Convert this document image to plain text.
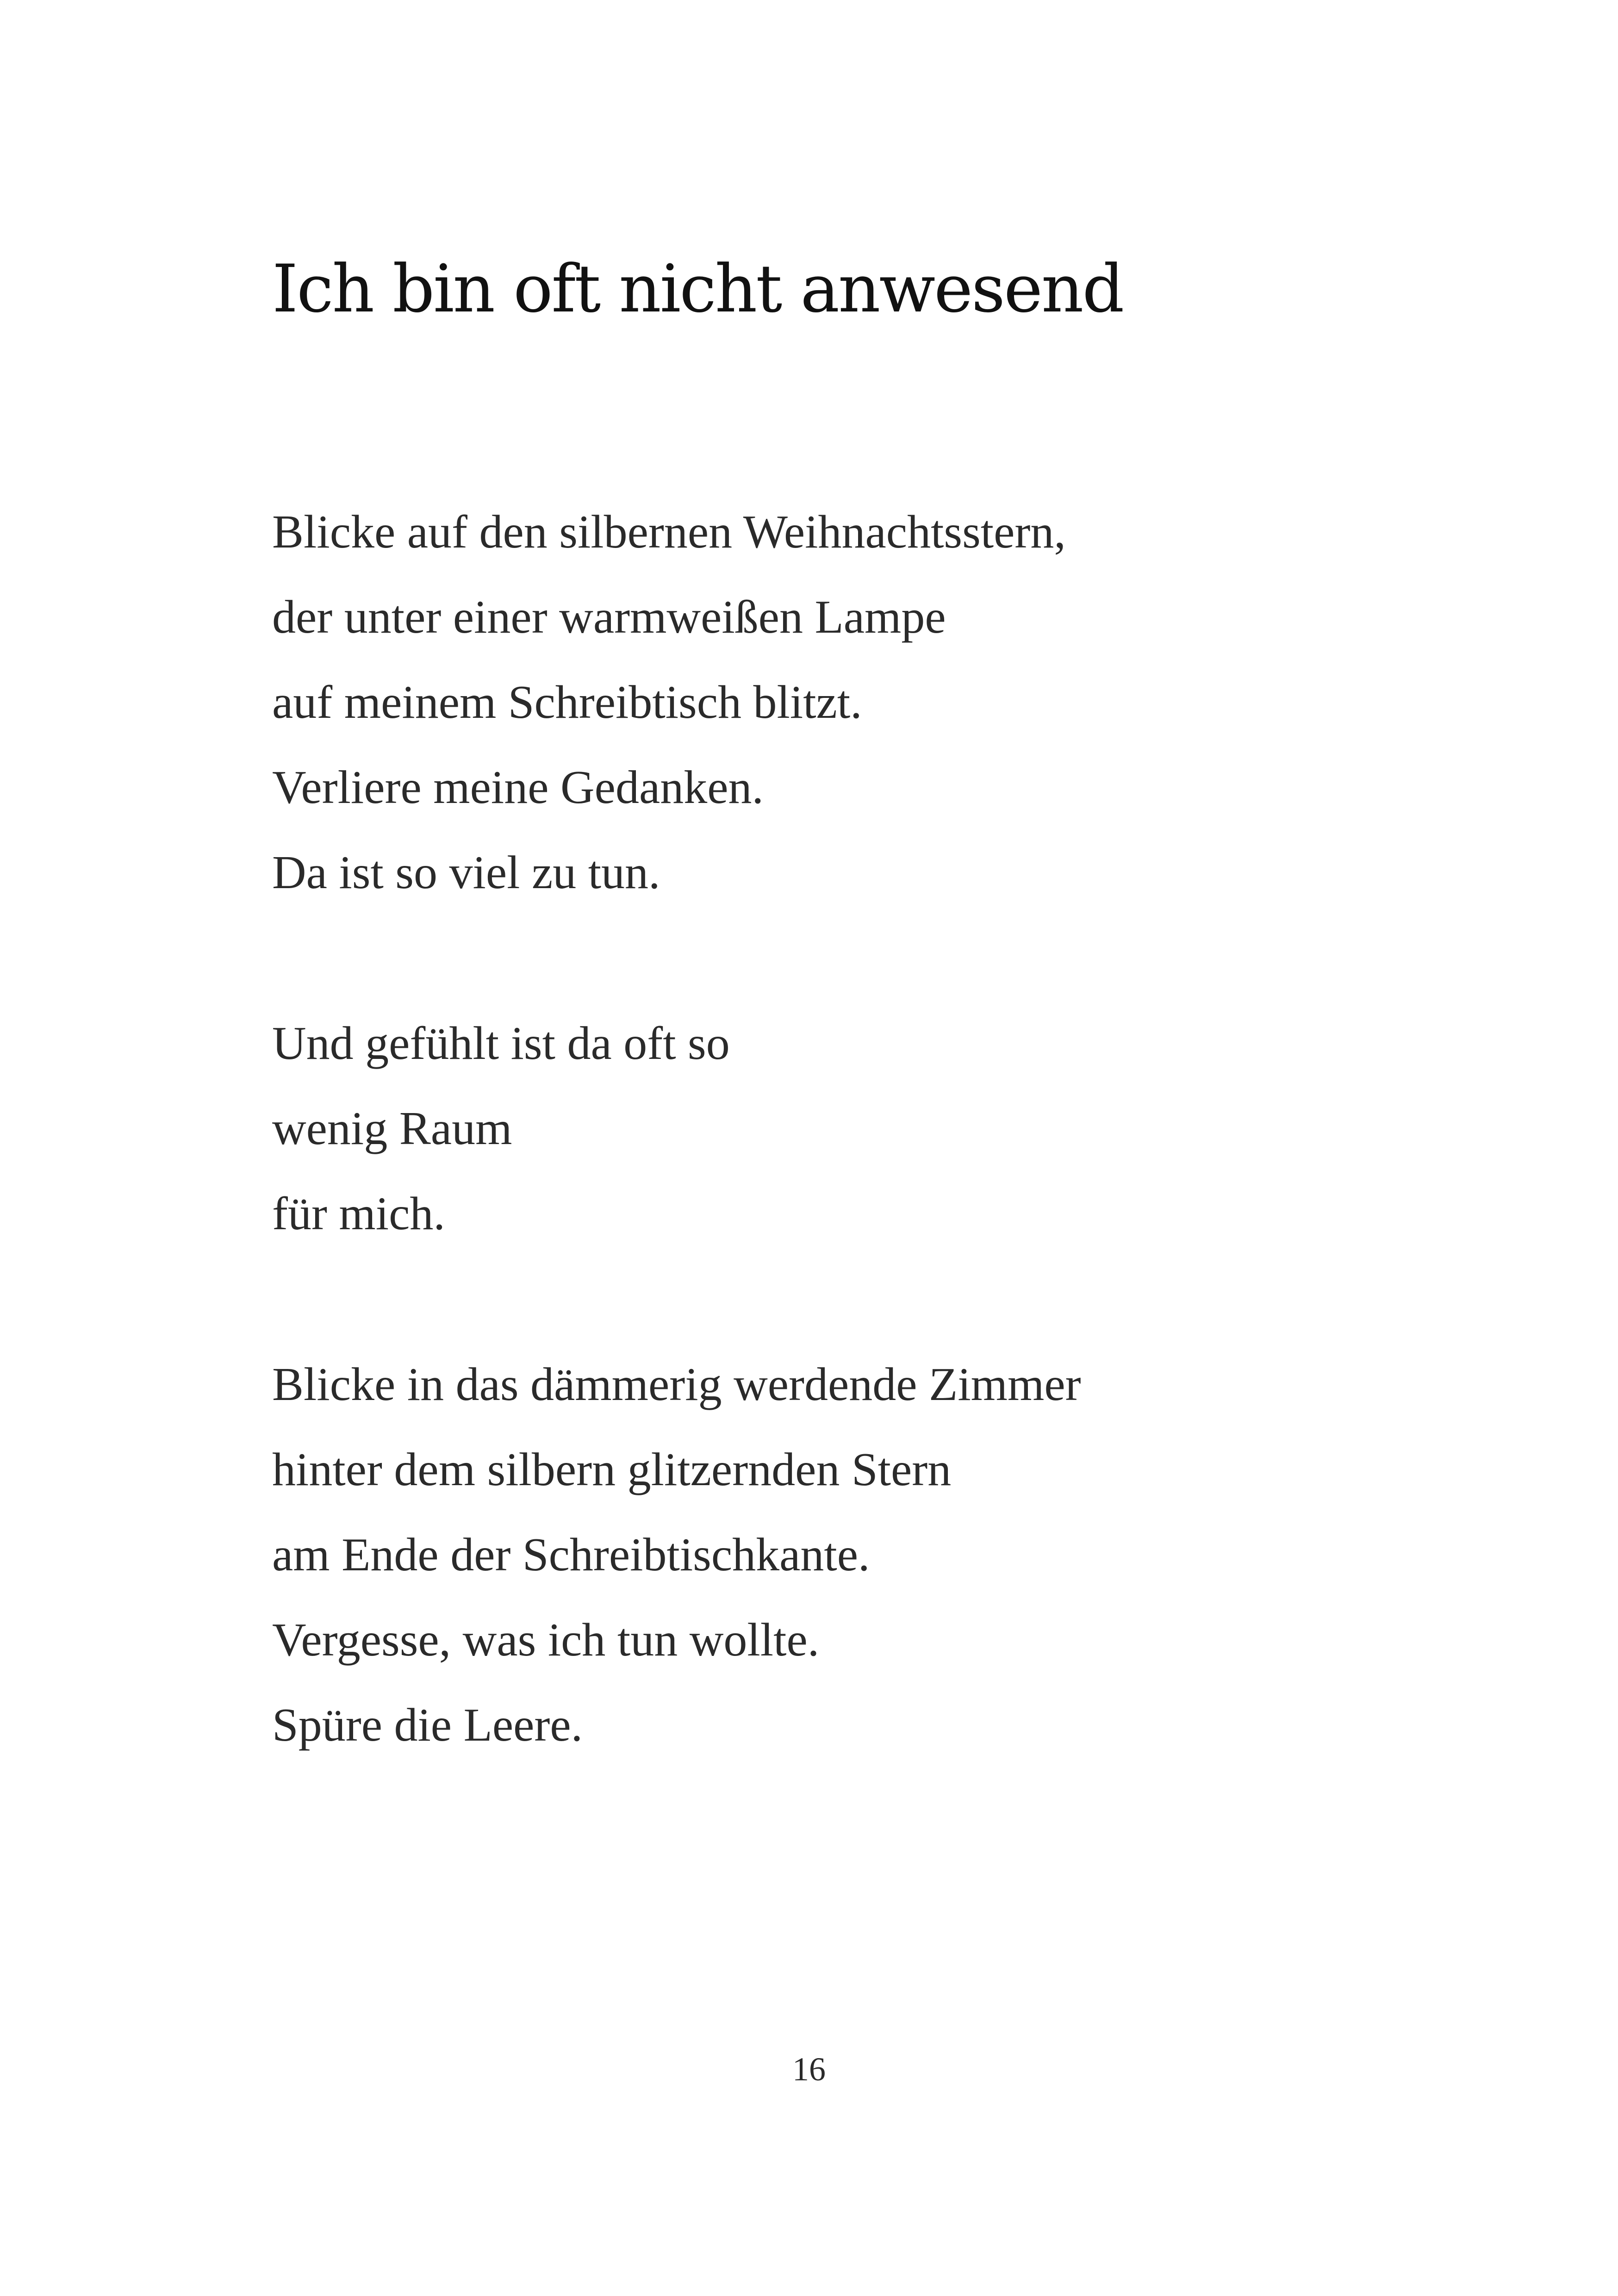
Ich bin oft nicht anwesend
Blicke auf den silbernen Weihnachtsstern,
der unter einer warmweißen Lampe
auf meinem Schreibtisch blitzt.
Verliere meine Gedanken.
Da ist so viel zu tun.
Und gefühlt ist da oft so
wenig Raum
für mich.
Blicke in das dämmerig werdende Zimmer
hinter dem silbern glitzernden Stern
am Ende der Schreibtischkante.
Vergesse, was ich tun wollte.
Spüre die Leere.
16
